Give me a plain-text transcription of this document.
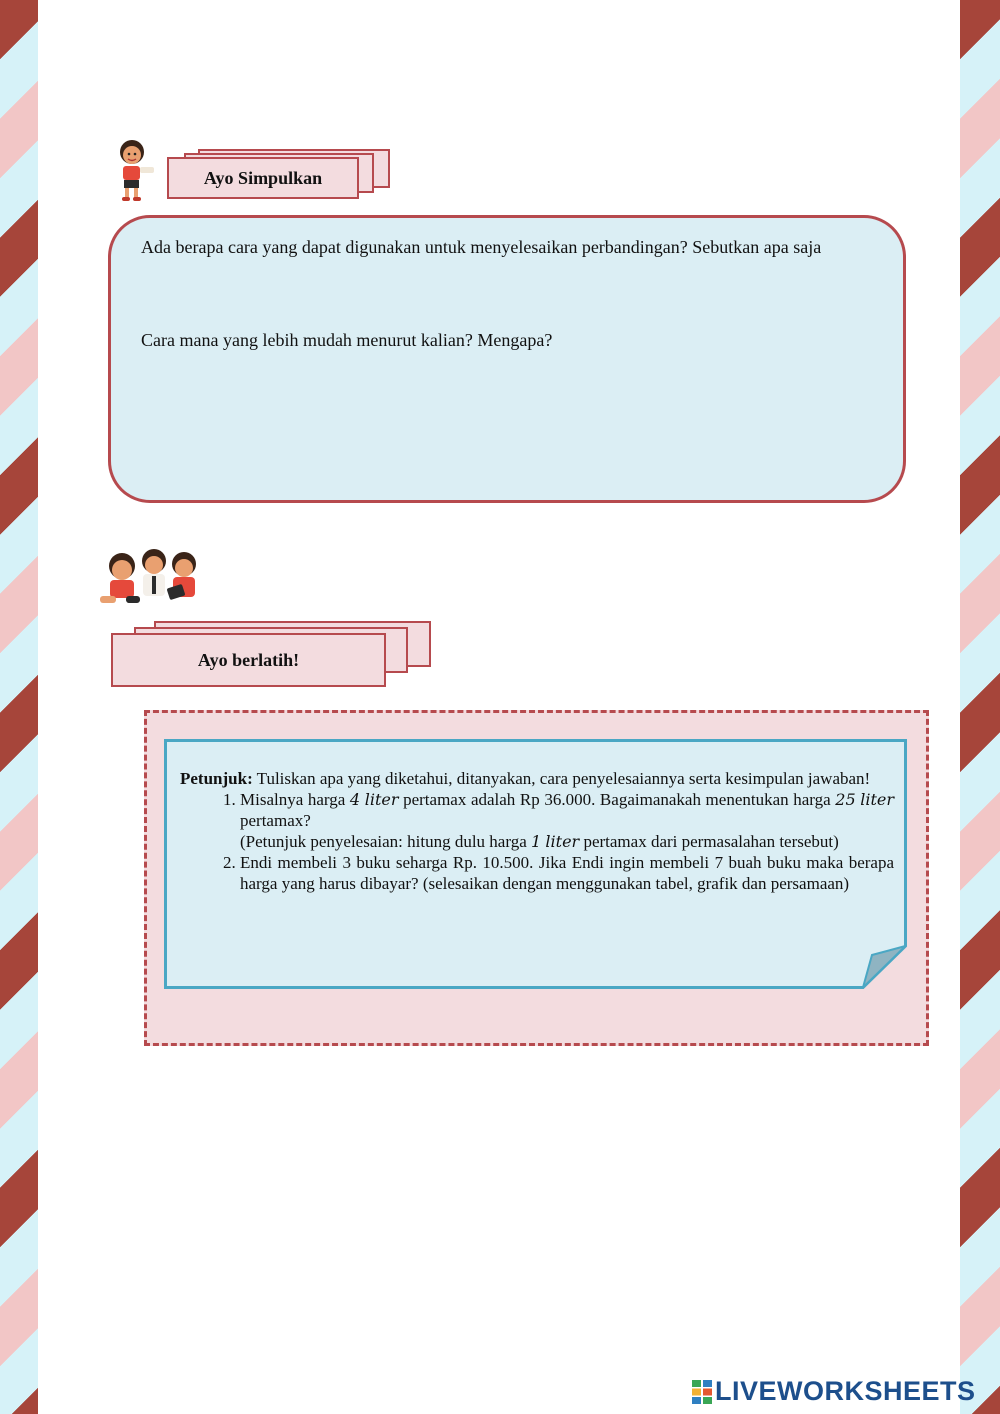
Ayo Simpulkan

Ada berapa cara yang dapat digunakan untuk menyelesaikan perbandingan? Sebutkan apa saja

Cara mana yang lebih mudah menurut kalian? Mengapa?

Ayo berlatih!

Petunjuk: Tuliskan apa yang diketahui, ditanyakan, cara penyelesaiannya serta kesimpulan jawaban!

1. Misalnya harga 4 liter pertamax adalah Rp 36.000. Bagaimanakah menentukan harga 25 liter pertamax?
(Petunjuk penyelesaian: hitung dulu harga 1 liter pertamax dari permasalahan tersebut)
2. Endi membeli 3 buku seharga Rp. 10.500. Jika Endi ingin membeli 7 buah buku maka berapa harga yang harus dibayar? (selesaikan dengan menggunakan tabel, grafik dan persamaan)
LIVEWORKSHEETS
